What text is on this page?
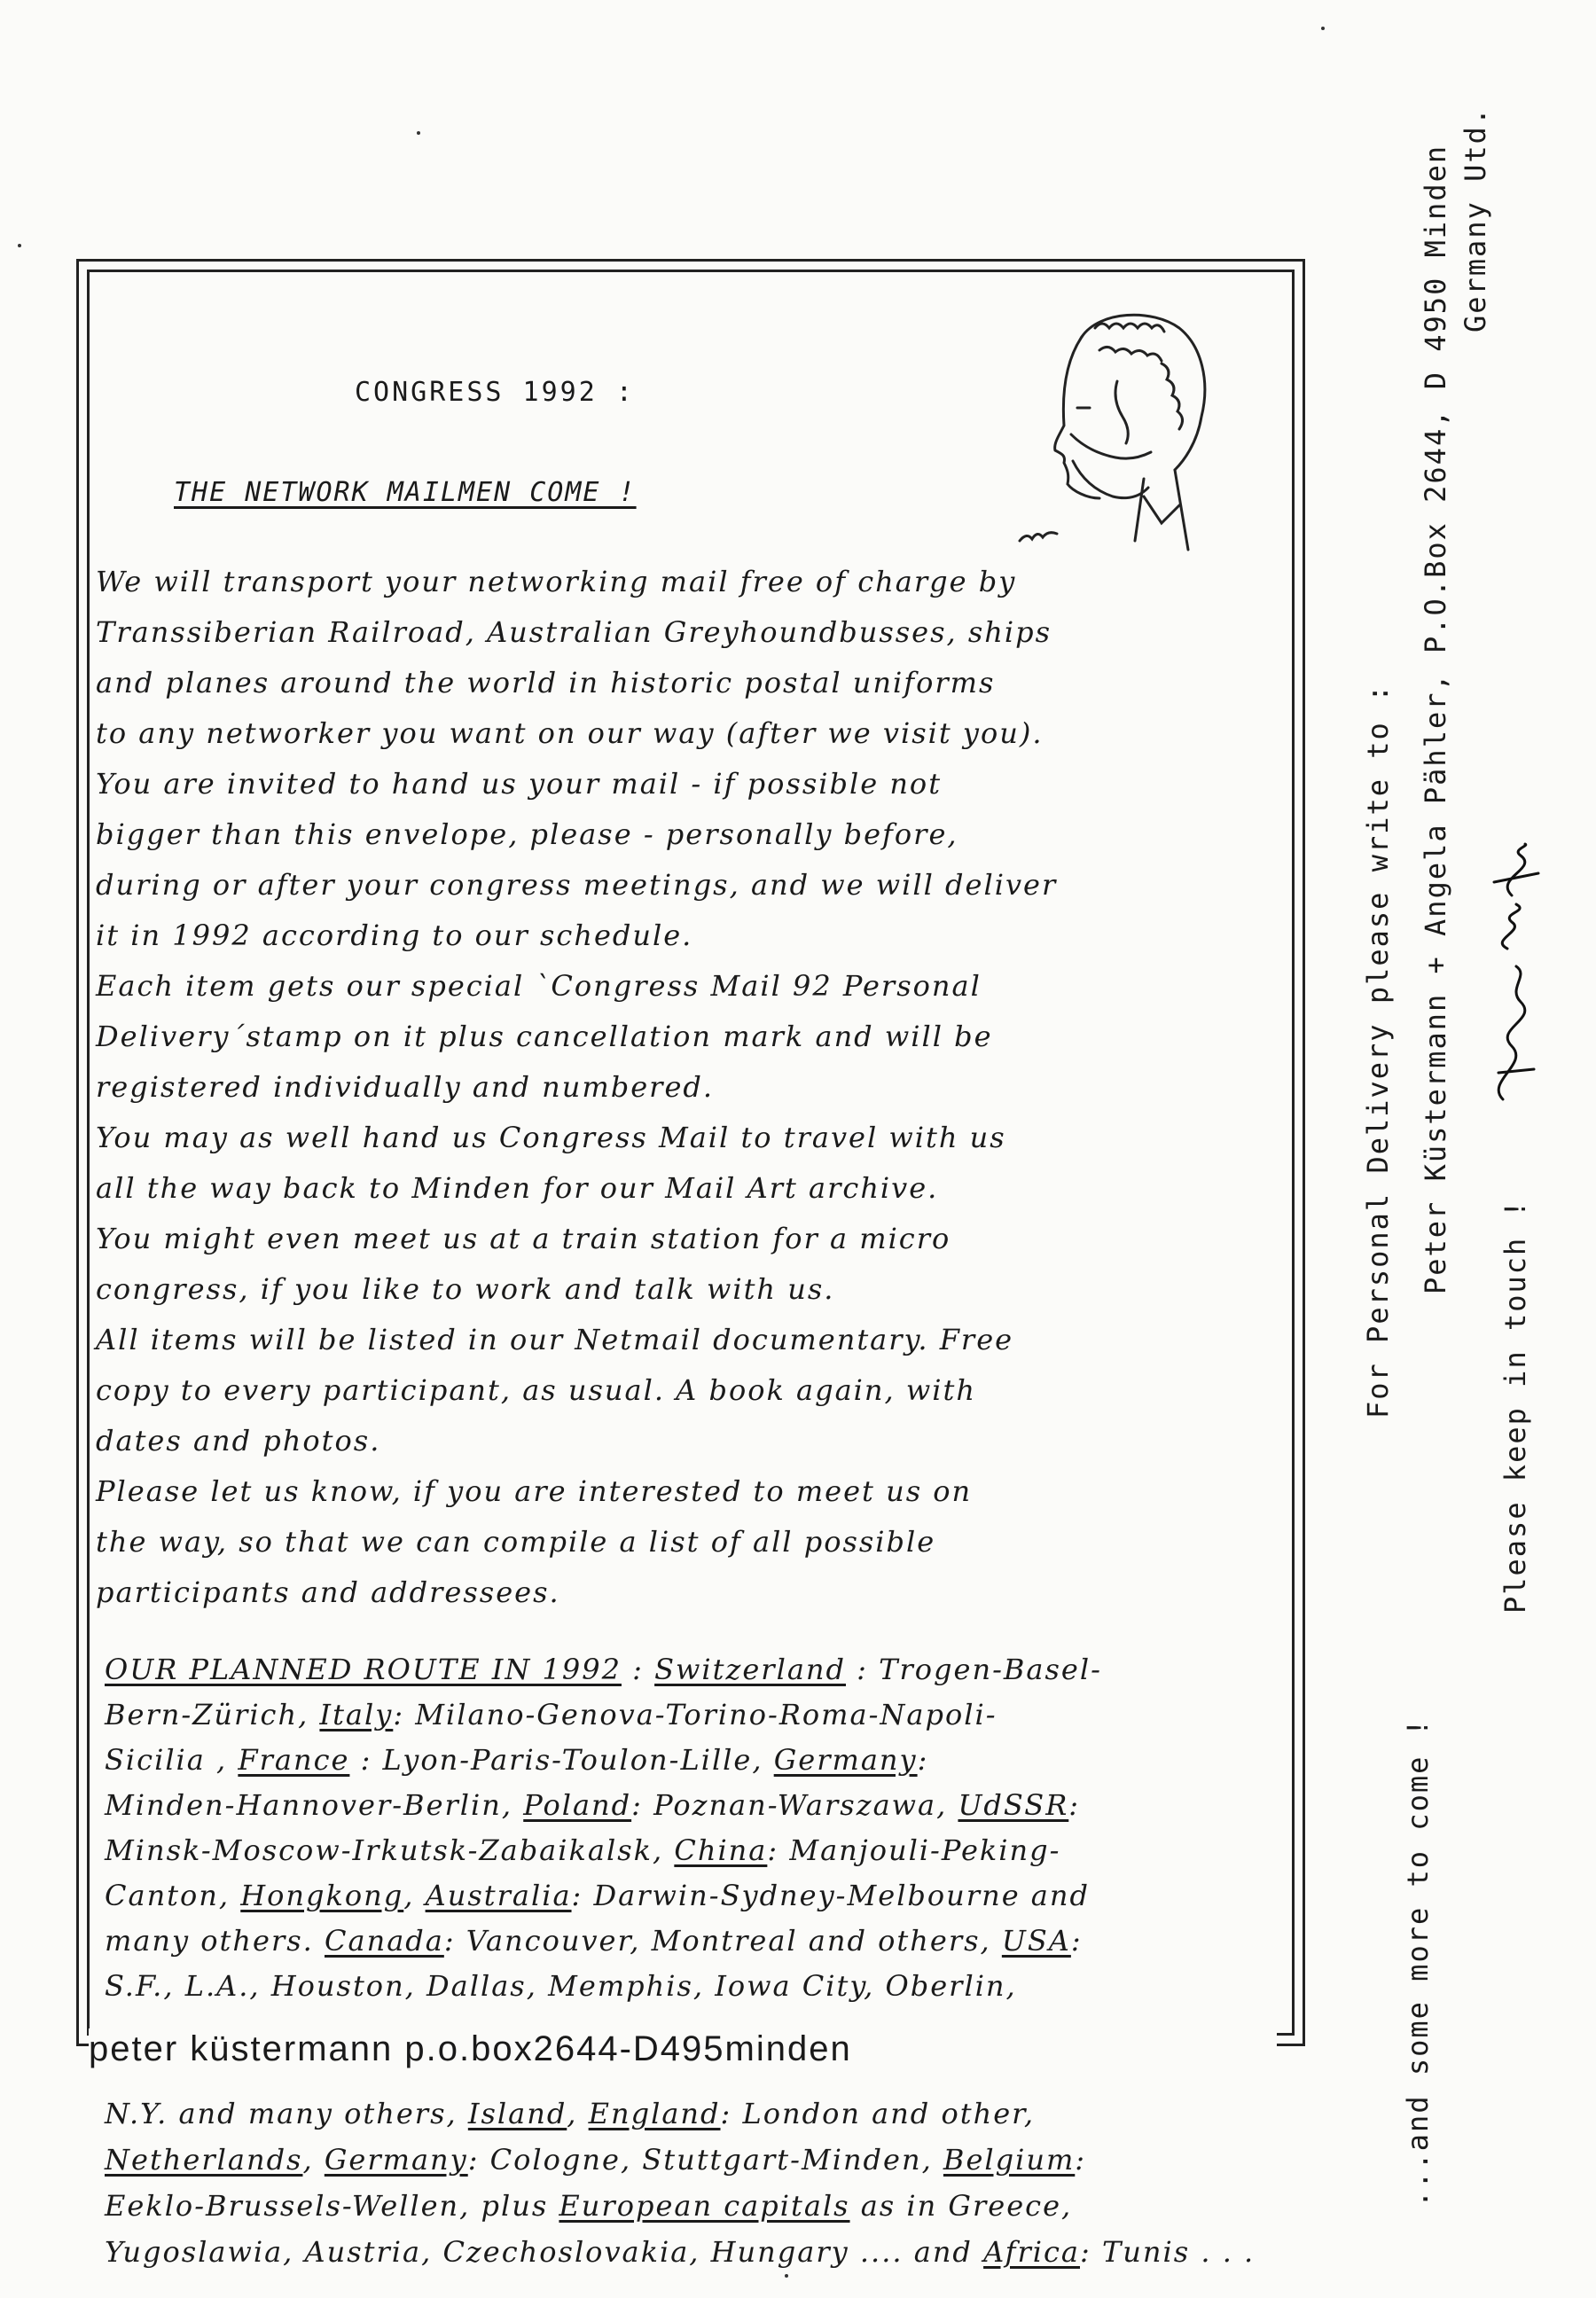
CONGRESS 1992 :
THE NETWORK MAILMEN COME !

We will transport your networking mail free of charge by

Transsiberian Railroad, Australian Greyhoundbusses, ships

and planes around the world in historic postal uniforms

to any networker you want on our way (after we visit you).

You are invited to hand us your mail - if possible not

bigger than this envelope, please - personally before,

during or after your congress meetings, and we will deliver

it in 1992 according to our schedule.

Each item gets our special `Congress Mail 92 Personal

Delivery´stamp on it plus cancellation mark and will be

registered individually and numbered.

You may as well hand us Congress Mail to travel with us

all the way back to Minden for our Mail Art archive.

You might even meet us at a train station for a micro

congress, if you like to work and talk with us.

All items will be listed in our Netmail documentary. Free

copy to every participant, as usual. A book again, with

dates and photos.

Please let us know, if you are interested to meet us on

the way, so that we can compile a list of all possible

participants and addressees.

OUR PLANNED ROUTE IN 1992 : Switzerland : Trogen-Basel-

Bern-Zürich, Italy: Milano-Genova-Torino-Roma-Napoli-

Sicilia , France : Lyon-Paris-Toulon-Lille, Germany:

Minden-Hannover-Berlin, Poland: Poznan-Warszawa, UdSSR:

Minsk-Moscow-Irkutsk-Zabaikalsk, China: Manjouli-Peking-

Canton, Hongkong, Australia: Darwin-Sydney-Melbourne and

many others. Canada: Vancouver, Montreal and others, USA:

S.F., L.A., Houston, Dallas, Memphis, Iowa City, Oberlin,

peter küstermann p.o.box2644-D495minden

N.Y. and many others, Island, England: London and other,

Netherlands, Germany: Cologne, Stuttgart-Minden, Belgium:

Eeklo-Brussels-Wellen, plus European capitals as in Greece,

Yugoslawia, Austria, Czechoslovakia, Hungary .... and Africa: Tunis . . .

For Personal Delivery please write to : Peter Küstermann + Angela Pähler, P.O.Box 2644, D 4950 Minden Germany Utd.
Please keep in touch !
...and some more to come !
